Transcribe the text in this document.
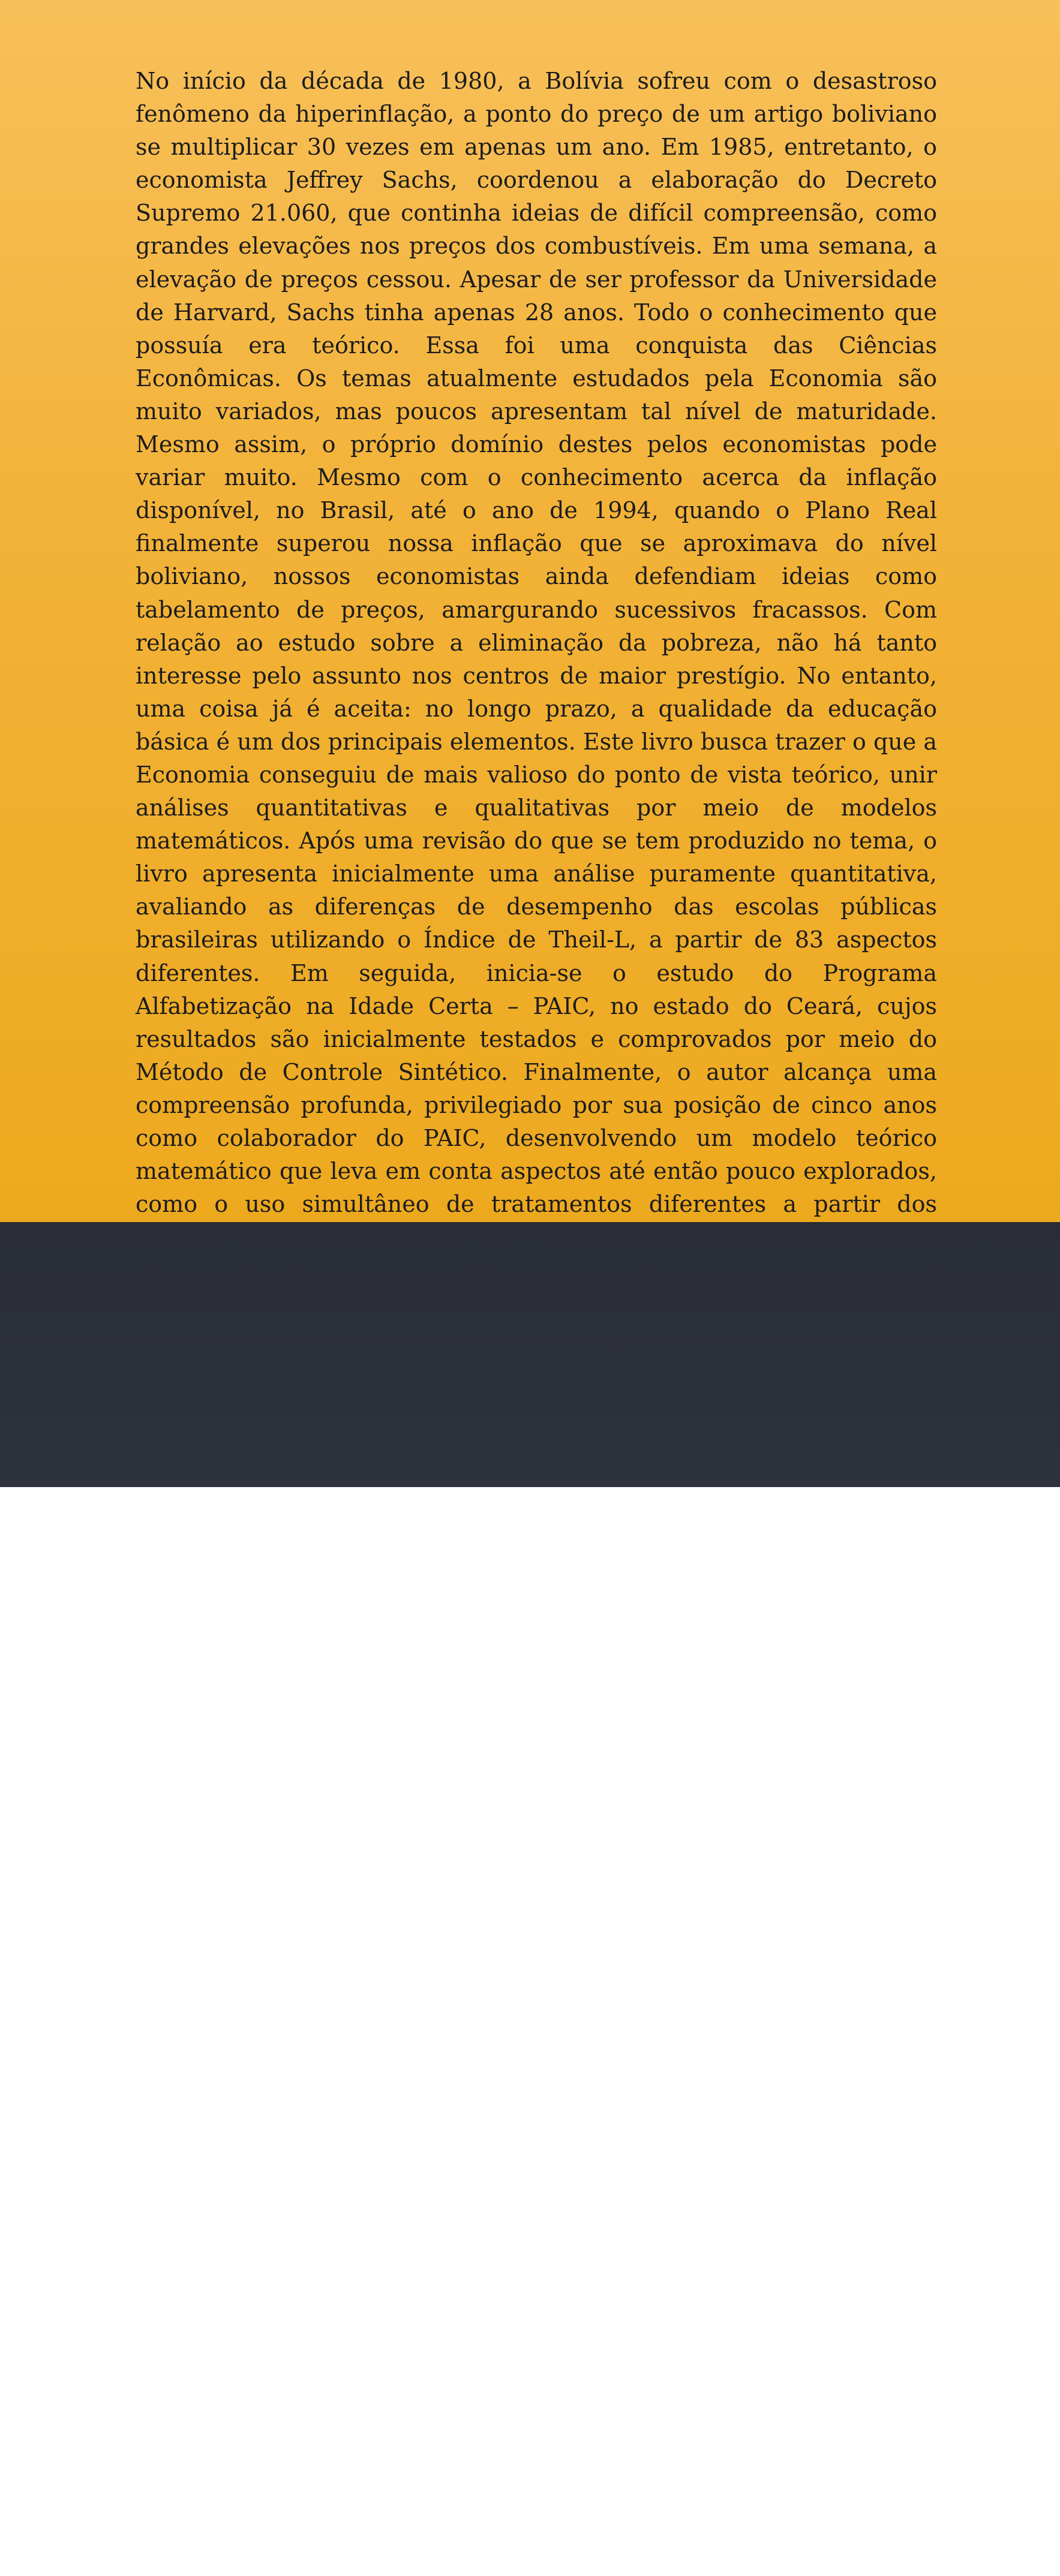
No início da década de 1980, a Bolívia sofreu com o desastroso fenômeno da hiperinflação, a ponto do preço de um artigo boliviano se multiplicar 30 vezes em apenas um ano. Em 1985, entretanto, o economista Jeffrey Sachs, coordenou a elaboração do Decreto Supremo 21.060, que continha ideias de difícil compreensão, como grandes elevações nos preços dos combustíveis. Em uma semana, a elevação de preços cessou. Apesar de ser professor da Universidade de Harvard, Sachs tinha apenas 28 anos. Todo o conhecimento que possuía era teórico. Essa foi uma conquista das Ciências Econômicas. Os temas atualmente estudados pela Economia são muito variados, mas poucos apresentam tal nível de maturidade. Mesmo assim, o próprio domínio destes pelos economistas pode variar muito. Mesmo com o conhecimento acerca da inflação disponível, no Brasil, até o ano de 1994, quando o Plano Real finalmente superou nossa inflação que se aproximava do nível boliviano, nossos economistas ainda defendiam ideias como tabelamento de preços, amargurando sucessivos fracassos. Com relação ao estudo sobre a eliminação da pobreza, não há tanto interesse pelo assunto nos centros de maior prestígio. No entanto, uma coisa já é aceita: no longo prazo, a qualidade da educação básica é um dos principais elementos. Este livro busca trazer o que a Economia conseguiu de mais valioso do ponto de vista teórico, unir análises quantitativas e qualitativas por meio de modelos matemáticos. Após uma revisão do que se tem produzido no tema, o livro apresenta inicialmente uma análise puramente quantitativa, avaliando as diferenças de desempenho das escolas públicas brasileiras utilizando o Índice de Theil-L, a partir de 83 aspectos diferentes. Em seguida, inicia-se o estudo do Programa Alfabetização na Idade Certa – PAIC, no estado do Ceará, cujos resultados são inicialmente testados e comprovados por meio do Método de Controle Sintético. Finalmente, o autor alcança uma compreensão profunda, privilegiado por sua posição de cinco anos como colaborador do PAIC, desenvolvendo um modelo teórico matemático que leva em conta aspectos até então pouco explorados, como o uso simultâneo de tratamentos diferentes a partir dos

Appris
editorial
